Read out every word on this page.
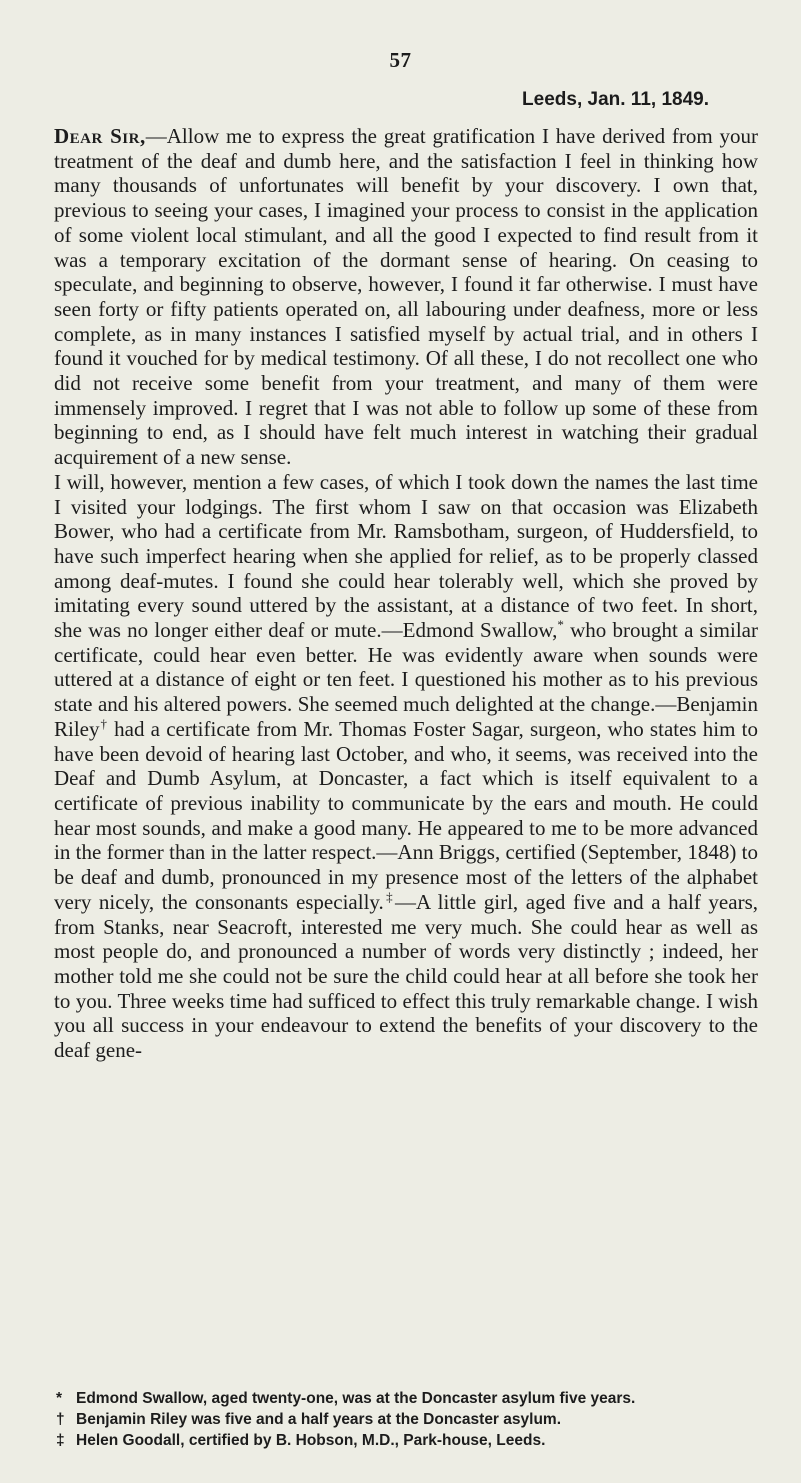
57
Leeds, Jan. 11, 1849.

Dear Sir,—Allow me to express the great gratification I have derived from your treatment of the deaf and dumb here, and the satisfaction I feel in thinking how many thousands of unfortunates will benefit by your discovery. I own that, previous to seeing your cases, I imagined your process to consist in the application of some violent local stimulant, and all the good I expected to find result from it was a temporary excitation of the dormant sense of hearing. On ceasing to speculate, and beginning to observe, however, I found it far otherwise. I must have seen forty or fifty patients operated on, all labouring under deafness, more or less complete, as in many instances I satisfied myself by actual trial, and in others I found it vouched for by medical testimony. Of all these, I do not recollect one who did not receive some benefit from your treatment, and many of them were immensely improved. I regret that I was not able to follow up some of these from beginning to end, as I should have felt much interest in watching their gradual acquirement of a new sense.

I will, however, mention a few cases, of which I took down the names the last time I visited your lodgings. The first whom I saw on that occasion was Elizabeth Bower, who had a certificate from Mr. Ramsbotham, surgeon, of Huddersfield, to have such imperfect hearing when she applied for relief, as to be properly classed among deaf-mutes. I found she could hear tolerably well, which she proved by imitating every sound uttered by the assistant, at a distance of two feet. In short, she was no longer either deaf or mute.—Edmond Swallow,* who brought a similar certificate, could hear even better. He was evidently aware when sounds were uttered at a distance of eight or ten feet. I questioned his mother as to his previous state and his altered powers. She seemed much delighted at the change.—Benjamin Riley† had a certificate from Mr. Thomas Foster Sagar, surgeon, who states him to have been devoid of hearing last October, and who, it seems, was received into the Deaf and Dumb Asylum, at Doncaster, a fact which is itself equivalent to a certificate of previous inability to communicate by the ears and mouth. He could hear most sounds, and make a good many. He appeared to me to be more advanced in the former than in the latter respect.—Ann Briggs, certified (September, 1848) to be deaf and dumb, pronounced in my presence most of the letters of the alphabet very nicely, the consonants especially.‡—A little girl, aged five and a half years, from Stanks, near Seacroft, interested me very much. She could hear as well as most people do, and pronounced a number of words very distinctly ; indeed, her mother told me she could not be sure the child could hear at all before she took her to you. Three weeks time had sufficed to effect this truly remarkable change. I wish you all success in your endeavour to extend the benefits of your discovery to the deaf gene-

* Edmond Swallow, aged twenty-one, was at the Doncaster asylum five years.

† Benjamin Riley was five and a half years at the Doncaster asylum.

‡ Helen Goodall, certified by B. Hobson, M.D., Park-house, Leeds.
